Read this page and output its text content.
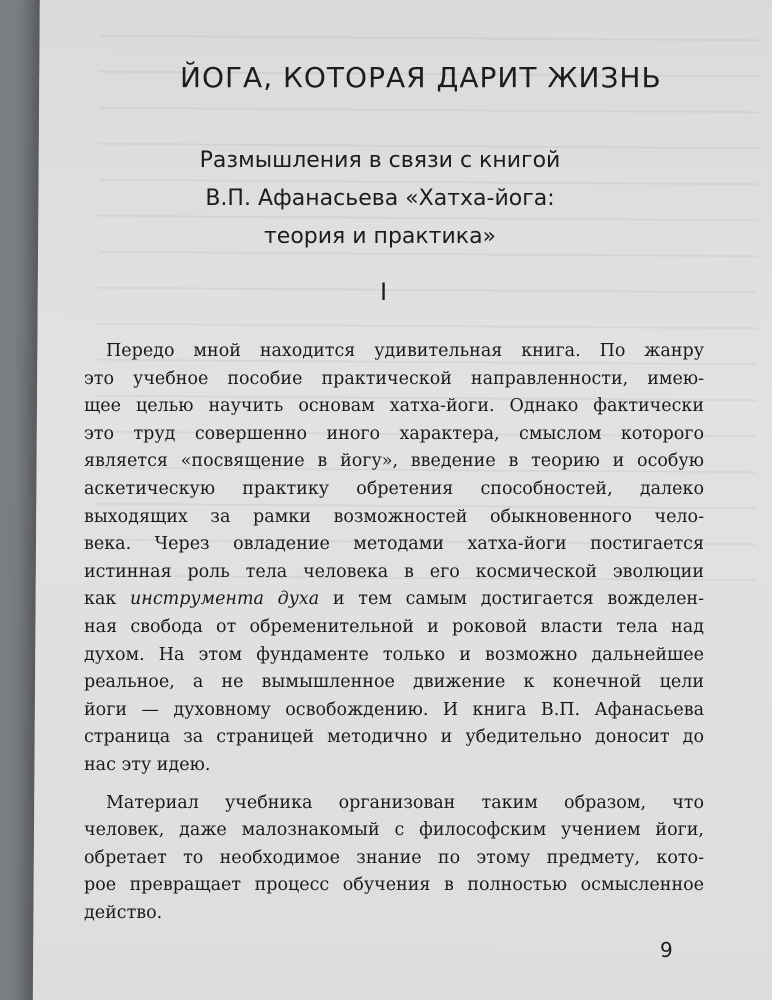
ЙОГА, КОТОРАЯ ДАРИТ ЖИЗНЬ
Размышления в связи с книгой
В.П. Афанасьева «Хатха-йога:
теория и практика»
I
Передо мной находится удивительная книга. По жанру
это учебное пособие практической направленности, имею-
щее целью научить основам хатха-йоги. Однако фактически
это труд совершенно иного характера, смыслом которого
является «посвящение в йогу», введение в теорию и особую
аскетическую практику обретения способностей, далеко
выходящих за рамки возможностей обыкновенного чело-
века. Через овладение методами хатха-йоги постигается
истинная роль тела человека в его космической эволюции
как инструмента духа и тем самым достигается вожделен-
ная свобода от обременительной и роковой власти тела над
духом. На этом фундаменте только и возможно дальнейшее
реальное, а не вымышленное движение к конечной цели
йоги — духовному освобождению. И книга В.П. Афанасьева
страница за страницей методично и убедительно доносит до
нас эту идею.
Материал учебника организован таким образом, что
человек, даже малознакомый с философским учением йоги,
обретает то необходимое знание по этому предмету, кото-
рое превращает процесс обучения в полностью осмысленное
действо.
9
